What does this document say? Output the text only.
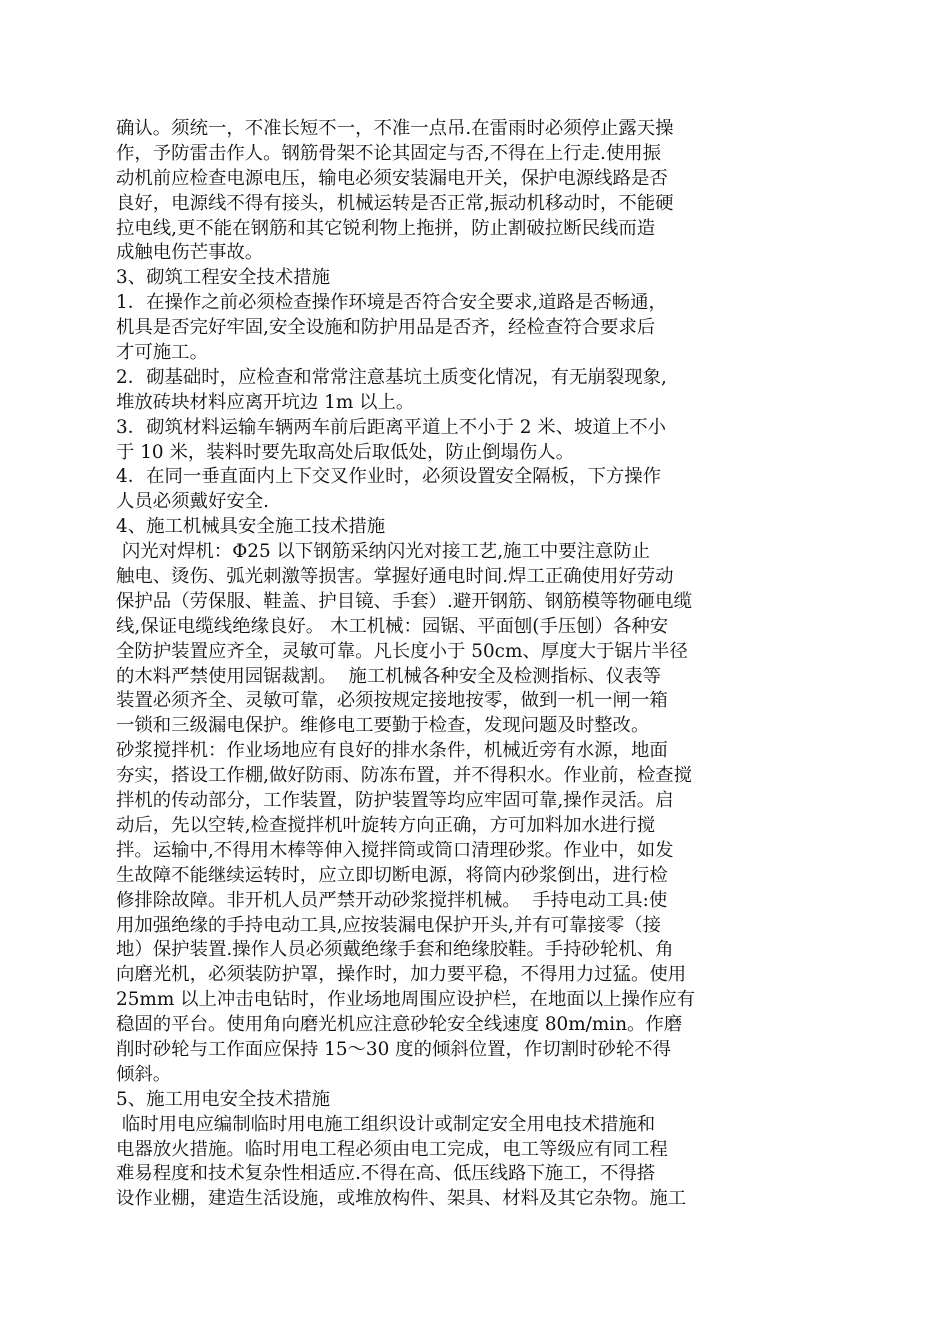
确认。须统一，不准长短不一，不准一点吊.在雷雨时必须停止露天操
作，予防雷击作人。钢筋骨架不论其固定与否,不得在上行走.使用振
动机前应检查电源电压，输电必须安装漏电开关，保护电源线路是否
良好，电源线不得有接头，机械运转是否正常,振动机移动时，不能硬
拉电线,更不能在钢筋和其它锐利物上拖拼，防止割破拉断民线而造
成触电伤芒事故。
3、砌筑工程安全技术措施
1．在操作之前必须检查操作环境是否符合安全要求,道路是否畅通，
机具是否完好牢固,安全设施和防护用品是否齐，经检查符合要求后
才可施工。
2．砌基础时，应检查和常常注意基坑土质变化情况，有无崩裂现象,
堆放砖块材料应离开坑边 1m 以上。
3．砌筑材料运输车辆两车前后距离平道上不小于 2 米、坡道上不小
于 10 米，装料时要先取高处后取低处，防止倒塌伤人。
4．在同一垂直面内上下交叉作业时，必须设置安全隔板，下方操作
人员必须戴好安全.
4、施工机械具安全施工技术措施
闪光对焊机：Φ25 以下钢筋采纳闪光对接工艺,施工中要注意防止
触电、烫伤、弧光刺激等损害。掌握好通电时间.焊工正确使用好劳动
保护品（劳保服、鞋盖、护目镜、手套）.避开钢筋、钢筋模等物砸电缆
线,保证电缆线绝缘良好。 木工机械：园锯、平面刨(手压刨）各种安
全防护装置应齐全，灵敏可靠。凡长度小于 50cm、厚度大于锯片半径
的木料严禁使用园锯裁割。  施工机械各种安全及检测指标、仪表等
装置必须齐全、灵敏可靠，必须按规定接地按零，做到一机一闸一箱
一锁和三级漏电保护。维修电工要勤于检查，发现问题及时整改。
砂浆搅拌机：作业场地应有良好的排水条件，机械近旁有水源，地面
夯实，搭设工作棚,做好防雨、防冻布置，并不得积水。作业前，检查搅
拌机的传动部分，工作装置，防护装置等均应牢固可靠,操作灵活。启
动后，先以空转,检查搅拌机叶旋转方向正确，方可加料加水进行搅
拌。运输中,不得用木棒等伸入搅拌筒或筒口清理砂浆。作业中，如发
生故障不能继续运转时，应立即切断电源，将筒内砂浆倒出，进行检
修排除故障。非开机人员严禁开动砂浆搅拌机械。  手持电动工具:使
用加强绝缘的手持电动工具,应按装漏电保护开头,并有可靠接零（接
地）保护装置.操作人员必须戴绝缘手套和绝缘胶鞋。手持砂轮机、角
向磨光机，必须装防护罩，操作时，加力要平稳，不得用力过猛。使用
25mm 以上冲击电钻时，作业场地周围应设护栏，在地面以上操作应有
稳固的平台。使用角向磨光机应注意砂轮安全线速度 80m/min。作磨
削时砂轮与工作面应保持 15～30 度的倾斜位置，作切割时砂轮不得
倾斜。
5、施工用电安全技术措施
临时用电应编制临时用电施工组织设计或制定安全用电技术措施和
电器放火措施。临时用电工程必须由电工完成，电工等级应有同工程
难易程度和技术复杂性相适应.不得在高、低压线路下施工，不得搭
设作业棚，建造生活设施，或堆放构件、架具、材料及其它杂物。施工
